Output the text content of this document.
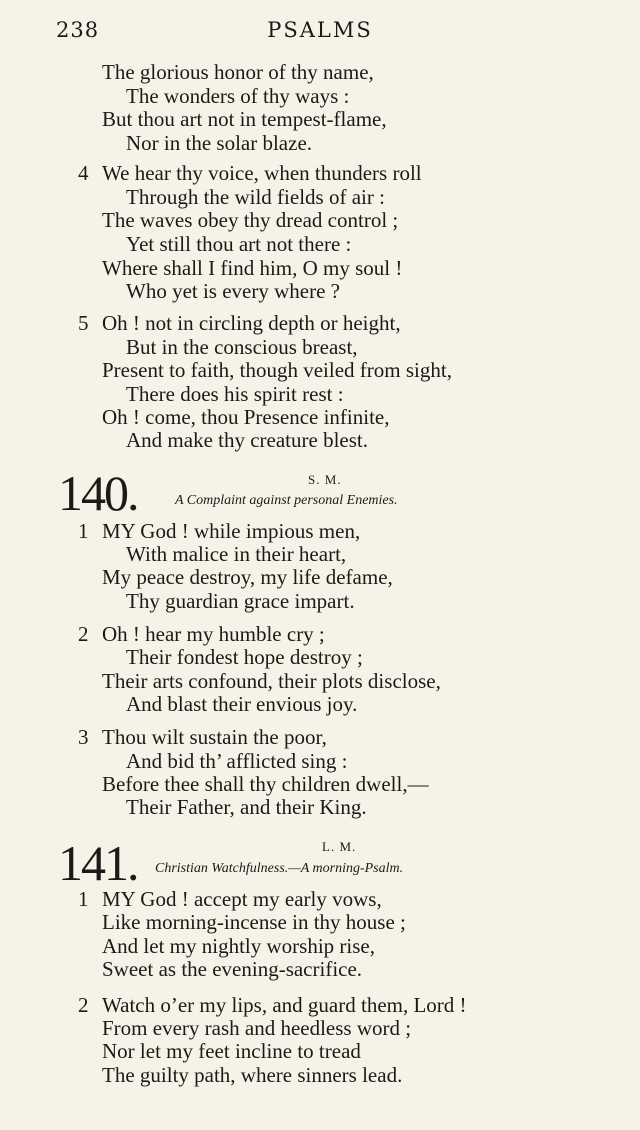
238	PSALMS
The glorious honor of thy name,
The wonders of thy ways :
But thou art not in tempest-flame,
Nor in the solar blaze.
4 We hear thy voice, when thunders roll
Through the wild fields of air :
The waves obey thy dread control ;
Yet still thou art not there :
Where shall I find him, O my soul !
Who yet is every where ?
5 Oh ! not in circling depth or height,
But in the conscious breast,
Present to faith, though veiled from sight,
There does his spirit rest :
Oh ! come, thou Presence infinite,
And make thy creature blest.
140.	S. M.
A Complaint against personal Enemies.
1 MY God ! while impious men,
With malice in their heart,
My peace destroy, my life defame,
Thy guardian grace impart.
2 Oh ! hear my humble cry ;
Their fondest hope destroy ;
Their arts confound, their plots disclose,
And blast their envious joy.
3 Thou wilt sustain the poor,
And bid th’ afflicted sing :
Before thee shall thy children dwell,—
Their Father, and their King.
141.	L. M.
Christian Watchfulness.—A morning-Psalm.
1 MY God ! accept my early vows,
Like morning-incense in thy house ;
And let my nightly worship rise,
Sweet as the evening-sacrifice.
2 Watch o’er my lips, and guard them, Lord !
From every rash and heedless word ;
Nor let my feet incline to tread
The guilty path, where sinners lead.
